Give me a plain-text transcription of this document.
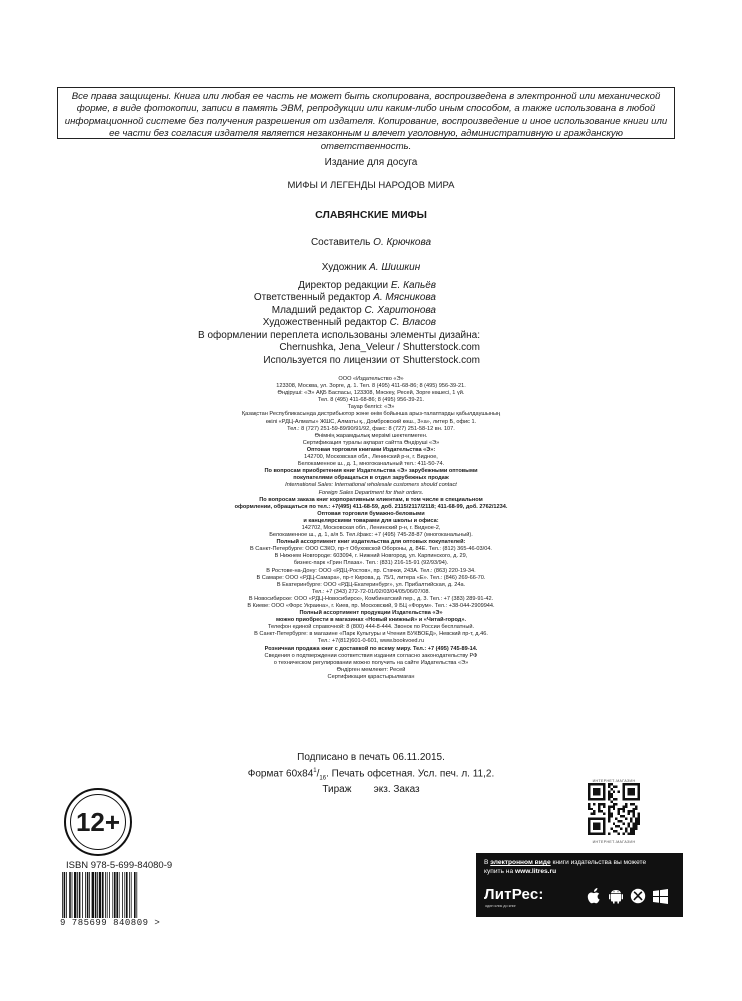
Все права защищены. Книга или любая ее часть не может быть скопирована, воспроизведена в электронной или механической форме, в виде фотокопии, записи в память ЭВМ, репродукции или каким-либо иным способом, а также использована в любой информационной системе без получения разрешения от издателя. Копирование, воспроизведение и иное использование книги или ее части без согласия издателя является незаконным и влечет уголовную, административную и гражданскую ответственность.
Издание для досуга
МИФЫ И ЛЕГЕНДЫ НАРОДОВ МИРА
СЛАВЯНСКИЕ МИФЫ
Составитель О. Крючкова
Художник А. Шишкин
Директор редакции Е. Капьёв
Ответственный редактор А. Мясникова
Младший редактор С. Харитонова
Художественный редактор С. Власов
В оформлении переплета использованы элементы дизайна:
Chernushka, Jena_Veleur / Shutterstock.com
Используется по лицензии от Shutterstock.com
ООО «Издательство «Э»
123308, Москва, ул. Зорге, д. 1. Тел. 8 (495) 411-68-86; 8 (495) 956-39-21.
Өндіруші: «Э» АҚБ Баспасы, 123308, Мәскеу, Ресей, Зорге көшесі, 1 үй.
Тел. 8 (495) 411-68-86; 8 (495) 956-39-21.
Тауар белгісі: «Э»
Қазақстан Республикасында дистрибьютор және өнім бойынша арыз-талаптарды қабылдаушының
өкілі «РДЦ-Алматы» ЖШС, Алматы қ., Домбровский көш., 3«а», литер Б, офис 1.
Тел.: 8 (727) 251-59-89/90/91/92, факс: 8 (727) 251-58-12 вн. 107.
Өнімнің жарамдылық мерзімі шектелмеген.
Сертификация туралы ақпарат сайтта Өндіруші «Э»
Оптовая торговля книгами Издательства «Э»:
142700, Московская обл., Ленинский р-н, г. Видное,
Белокаменное ш., д. 1, многоканальный тел.: 411-50-74.
По вопросам приобретения книг Издательства «Э» зарубежными оптовыми
покупателями обращаться в отдел зарубежных продаж
International Sales: International wholesale customers should contact
Foreign Sales Department for their orders.
По вопросам заказа книг корпоративным клиентам, в том числе в специальном
оформлении, обращаться по тел.: +7(495) 411-68-59, доб. 2115/2117/2118; 411-68-99, доб. 2762/1234.
Оптовая торговля бумажно-беловыми
и канцелярскими товарами для школы и офиса:
142702, Московская обл., Ленинский р-н, г. Видное-2,
Белокаменное ш., д. 1, а/я 5. Тел./факс: +7 (495) 745-28-87 (многоканальный).
Полный ассортимент книг издательства для оптовых покупателей:
В Санкт-Петербурге: ООО СЗКО, пр-т Обуховской Обороны, д. 84Е. Тел.: (812) 365-46-03/04.
В Нижнем Новгороде: 603094, г. Нижний Новгород, ул. Карпинского, д. 29,
бизнес-парк «Грин Плаза». Тел.: (831) 216-15-91 (92/93/94).
В Ростове-на-Дону: ООО «РДЦ-Ростов», пр. Стачки, 243А. Тел.: (863) 220-19-34.
В Самаре: ООО «РДЦ-Самара», пр-т Кирова, д. 75/1, литера «Е». Тел.: (846) 269-66-70.
В Екатеринбурге: ООО «РДЦ-Екатеринбург», ул. Прибалтийская, д. 24а.
Тел.: +7 (343) 272-72-01/02/03/04/05/06/07/08.
В Новосибирске: ООО «РДЦ-Новосибирск», Комбинатский пер., д. 3. Тел.: +7 (383) 289-91-42.
В Киеве: ООО «Форс Украина», г. Киев, пр. Московский, 9 БЦ «Форум». Тел.: +38-044-2909944.
Полный ассортимент продукции Издательства «Э»
можно приобрести в магазинах «Новый книжный» и «Читай-город».
Телефон единой справочной: 8 (800) 444-8-444. Звонок по России бесплатный.
В Санкт-Петербурге: в магазине «Парк Культуры и Чтения БУКВОЕД», Невский пр-т, д.46.
Тел.: +7(812)601-0-601, www.bookvoed.ru
Розничная продажа книг с доставкой по всему миру. Тел.: +7 (495) 745-89-14.
Сведения о подтверждении соответствия издания согласно законодательству РФ
о техническом регулировании можно получить на сайте Издательства «Э»
Өндірген мемлекет: Ресей
Сертификация қарастырылмаған
Подписано в печать 06.11.2015.
Формат $60x84^1/_{16}$. Печать офсетная. Усл. печ. л. 11,2.
Тираж        экз. Заказ
12+
ISBN 978-5-699-84080-9
9 785699 840809 >
ИНТЕРНЕТ-МАГАЗИН
ИНТЕРНЕТ-МАГАЗИН
В электронном виде книги издательства вы можете
купить на www.litres.ru
ЛитРес:
один клик до книг
